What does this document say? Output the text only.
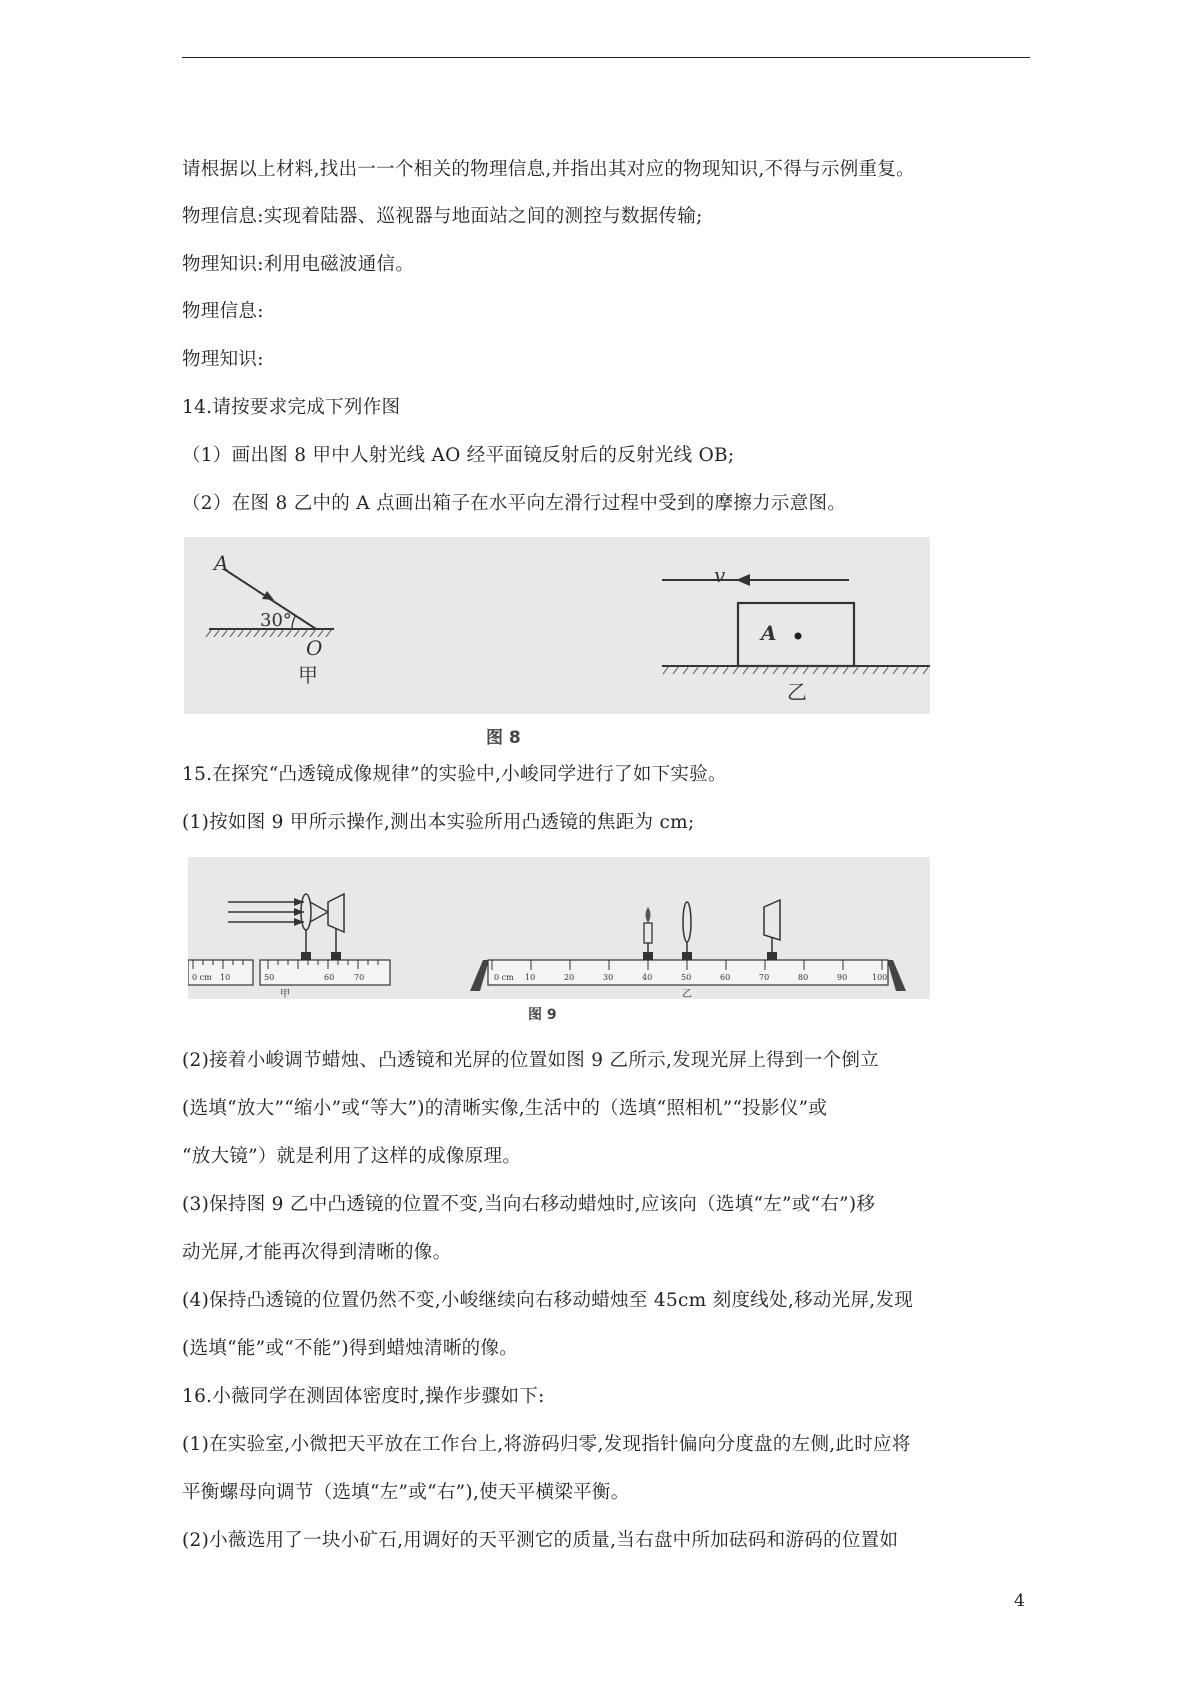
请根据以上材料,找出一一个相关的物理信息,并指出其对应的物现知识,不得与示例重复。
物理信息:实现着陆器、巡视器与地面站之间的测控与数据传输;
物理知识:利用电磁波通信。
物理信息:
物理知识:
14.请按要求完成下列作图
（1）画出图 8 甲中人射光线 AO 经平面镜反射后的反射光线 OB;
（2）在图 8 乙中的 A 点画出箱子在水平向左滑行过程中受到的摩擦力示意图。
A
30°
O
甲
v
A
乙
图 8
15.在探究“凸透镜成像规律”的实验中,小峻同学进行了如下实验。
(1)按如图 9 甲所示操作,测出本实验所用凸透镜的焦距为 cm;
0 cm 10	50	60 70
甲
0 cm 10	20	30	40	50	60	70	80	90	100
乙
图 9
(2)接着小峻调节蜡烛、凸透镜和光屏的位置如图 9 乙所示,发现光屏上得到一个倒立
(选填“放大”“缩小”或“等大”)的清晰实像,生活中的（选填“照相机”“投影仪”或
“放大镜”）就是利用了这样的成像原理。
(3)保持图 9 乙中凸透镜的位置不变,当向右移动蜡烛时,应该向（选填“左”或“右”)移
动光屏,才能再次得到清晰的像。
(4)保持凸透镜的位置仍然不变,小峻继续向右移动蜡烛至 45cm 刻度线处,移动光屏,发现
(选填“能”或“不能”)得到蜡烛清晰的像。
16.小薇同学在测固体密度时,操作步骤如下:
(1)在实验室,小微把天平放在工作台上,将游码归零,发现指针偏向分度盘的左侧,此时应将
平衡螺母向调节（选填“左”或“右”),使天平横梁平衡。
(2)小薇选用了一块小矿石,用调好的天平测它的质量,当右盘中所加砝码和游码的位置如
4
